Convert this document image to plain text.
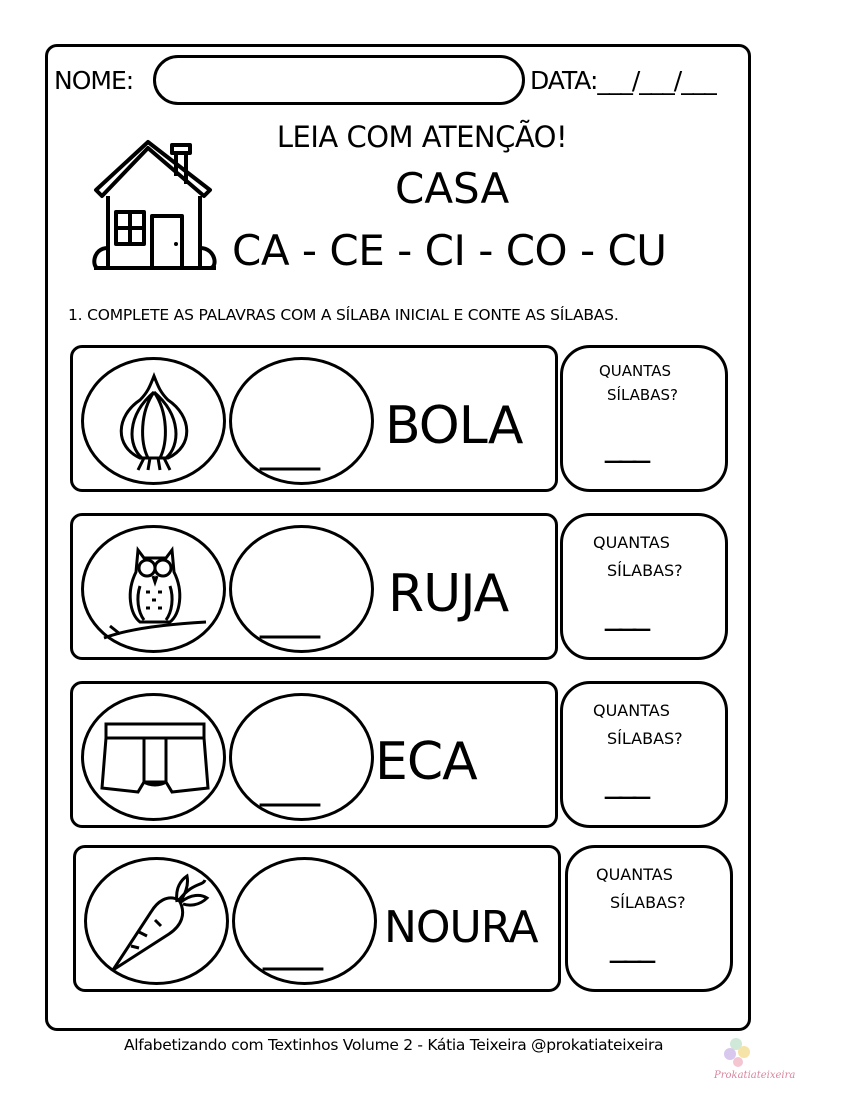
NOME:	DATA:___/___/___
LEIA COM ATENÇÃO!
CASA
CA - CE - CI - CO - CU
1. COMPLETE AS PALAVRAS COM A SÍLABA INICIAL E CONTE AS SÍLABAS.
___ BOLA
QUANTAS
SÍLABAS?
___
___ RUJA
QUANTAS
SÍLABAS?
___
___ ECA
QUANTAS
SÍLABAS?
___
___ NOURA
QUANTAS
SÍLABAS?
___
Alfabetizando com Textinhos Volume 2 - Kátia Teixeira @prokatiateixeira
Prokatiateixeira
